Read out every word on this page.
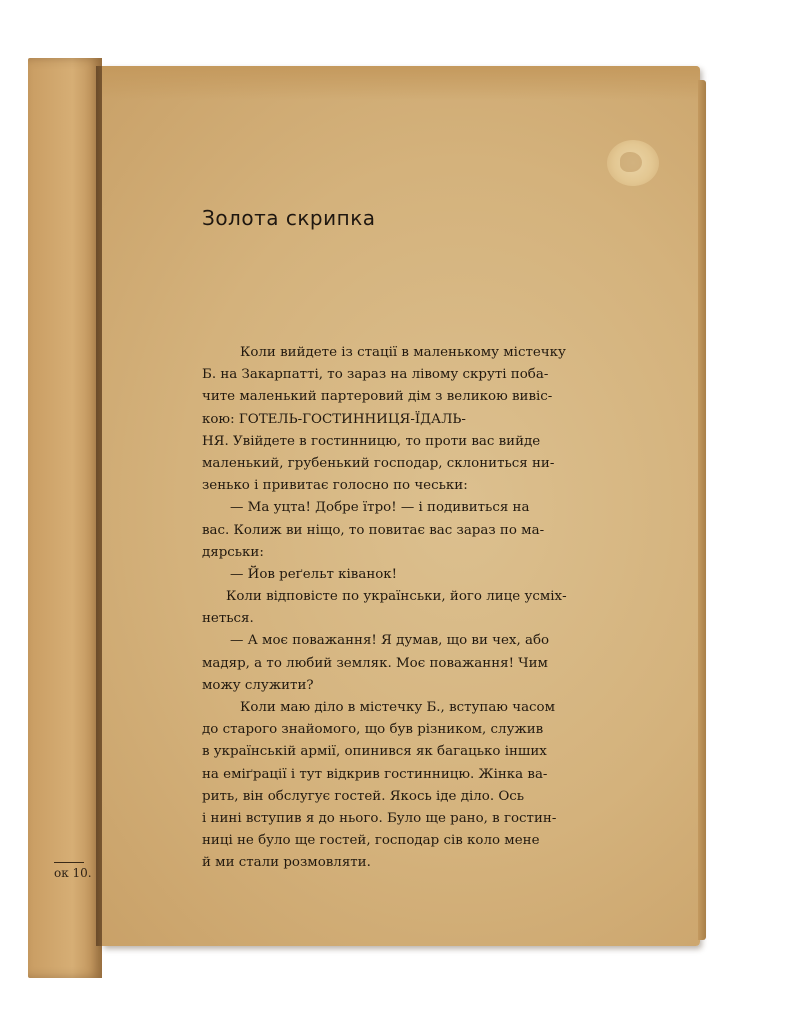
ок 10.
Золота скрипка
Коли вийдете із стації в маленькому містечку
Б. на Закарпатті, то зараз на лівому скруті поба-
чите маленький партеровий дім з великою вивіс-
кою: ГОТЕЛЬ-ГОСТИННИЦЯ-ЇДАЛЬ-
НЯ. Увійдете в гостинницю, то проти вас вийде
маленький, грубенький господар, склониться ни-
зенько і привитає голосно по чеськи:
— Ма уцта! Добре їтро! — і подивиться на
вас. Колиж ви ніщо, то повитає вас зараз по ма-
дярськи:
— Йов реґельт ківанок!
Коли відповісте по українськи, його лице усміх-
неться.
— А моє поважання! Я думав, що ви чех, або
мадяр, а то любий земляк. Моє поважання! Чим
можу служити?
Коли маю діло в містечку Б., вступаю часом
до старого знайомого, що був різником, служив
в українській армії, опинився як багацько інших
на еміґрації і тут відкрив гостинницю. Жінка ва-
рить, він обслугує гостей. Якось іде діло. Ось
і нині вступив я до нього. Було ще рано, в гостин-
ниці не було ще гостей, господар сів коло мене
й ми стали розмовляти.
